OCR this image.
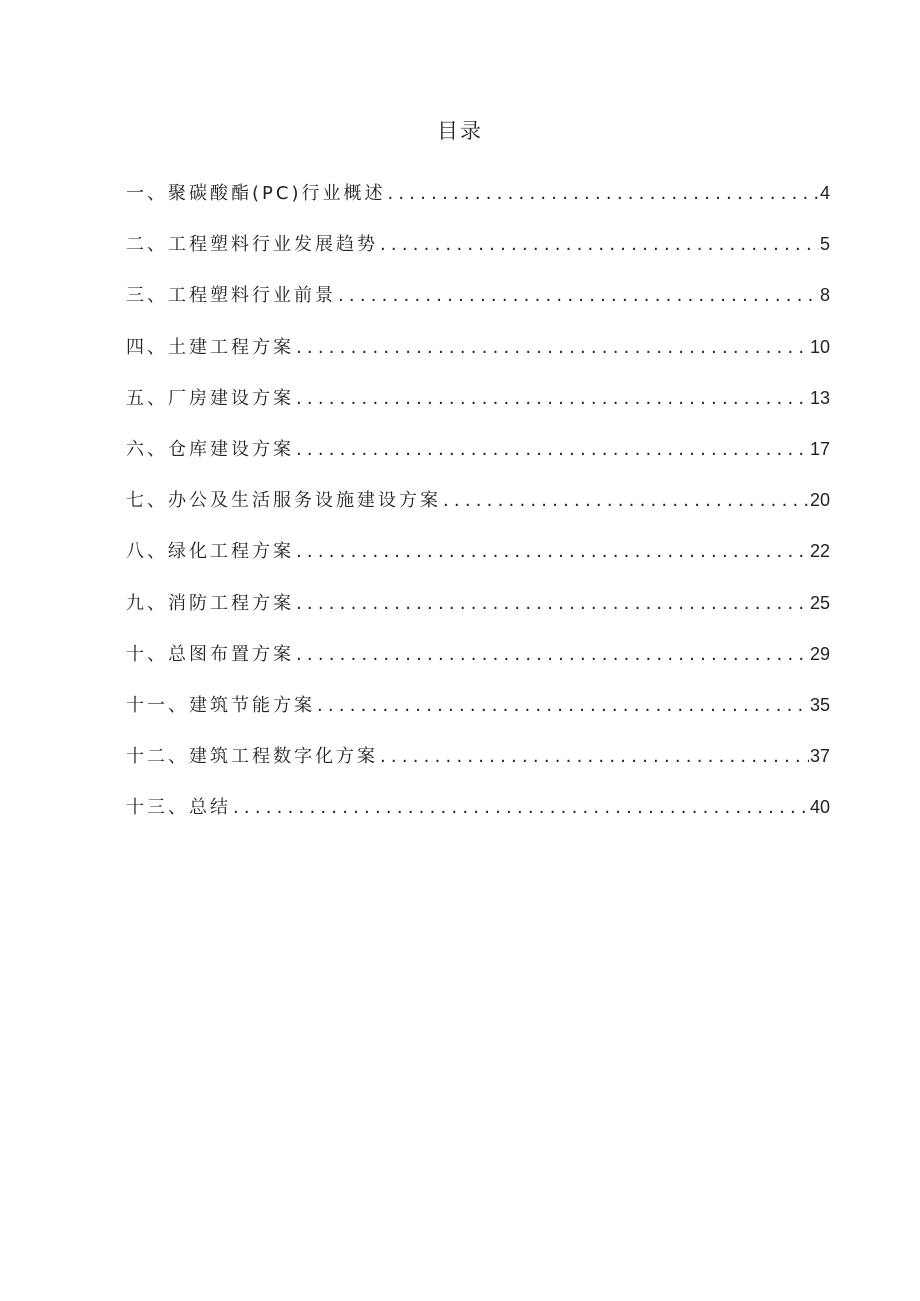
目录
一、聚碳酸酯(PC)行业概述 .....	4
二、工程塑料行业发展趋势 .....	5
三、工程塑料行业前景 .....	8
四、土建工程方案 .....	10
五、厂房建设方案 .....	13
六、仓库建设方案 .....	17
七、办公及生活服务设施建设方案 .....	20
八、绿化工程方案 .....	22
九、消防工程方案 .....	25
十、总图布置方案 .....	29
十一、建筑节能方案 .....	35
十二、建筑工程数字化方案 .....	37
十三、总结 .....	40
